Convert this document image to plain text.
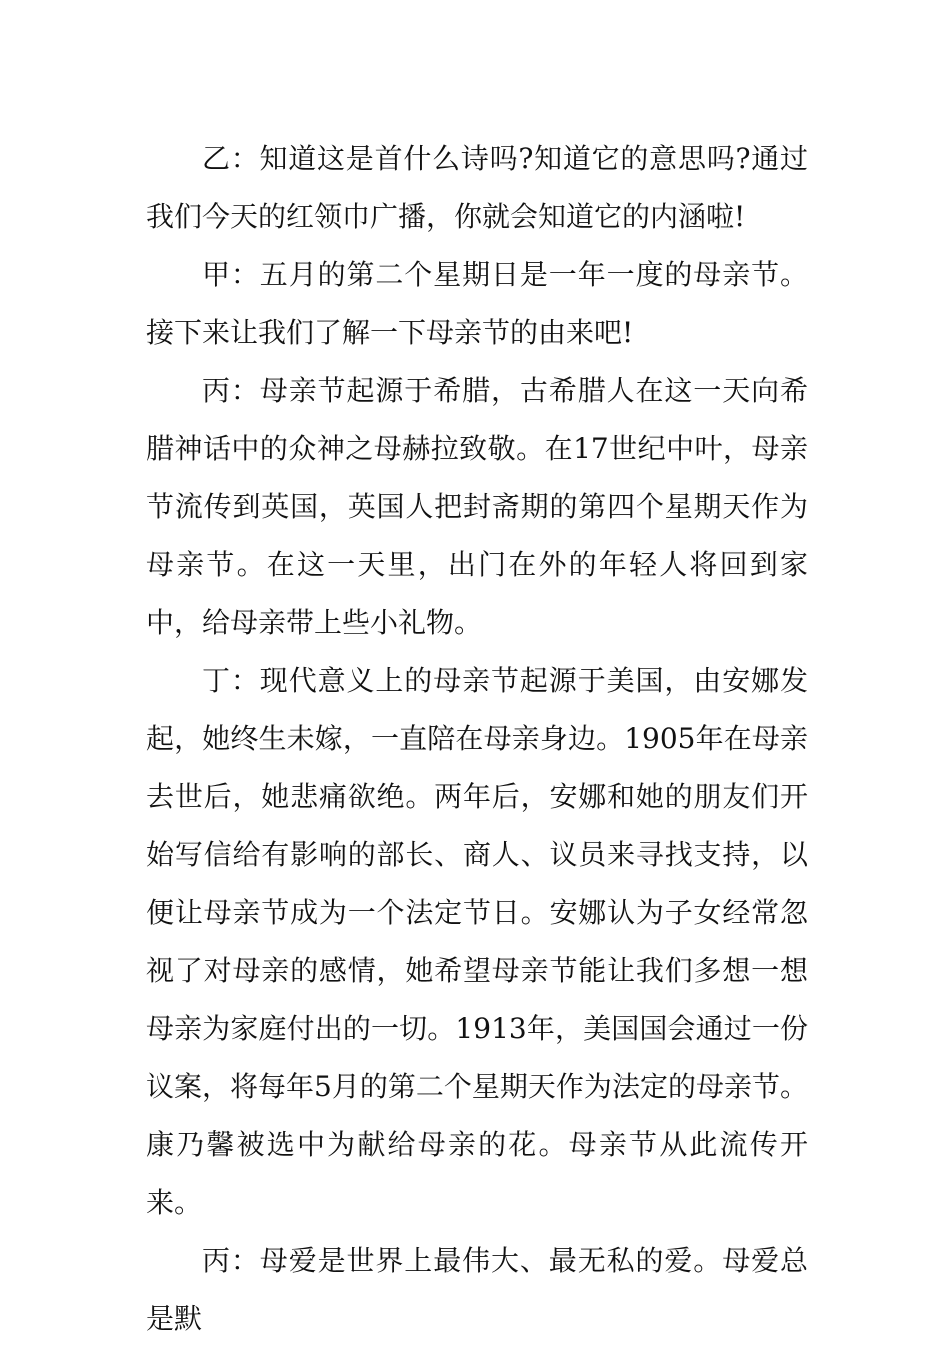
乙：知道这是首什么诗吗?知道它的意思吗?通过我们今天的红领巾广播，你就会知道它的内涵啦!

甲：五月的第二个星期日是一年一度的母亲节。接下来让我们了解一下母亲节的由来吧!

丙：母亲节起源于希腊，古希腊人在这一天向希腊神话中的众神之母赫拉致敬。在17世纪中叶，母亲节流传到英国，英国人把封斋期的第四个星期天作为母亲节。在这一天里，出门在外的年轻人将回到家中，给母亲带上些小礼物。

丁：现代意义上的母亲节起源于美国，由安娜发起，她终生未嫁，一直陪在母亲身边。1905年在母亲去世后，她悲痛欲绝。两年后，安娜和她的朋友们开始写信给有影响的部长、商人、议员来寻找支持，以便让母亲节成为一个法定节日。安娜认为子女经常忽视了对母亲的感情，她希望母亲节能让我们多想一想母亲为家庭付出的一切。1913年，美国国会通过一份议案，将每年5月的第二个星期天作为法定的母亲节。康乃馨被选中为献给母亲的花。母亲节从此流传开来。

丙：母爱是世界上最伟大、最无私的爱。母爱总是默
